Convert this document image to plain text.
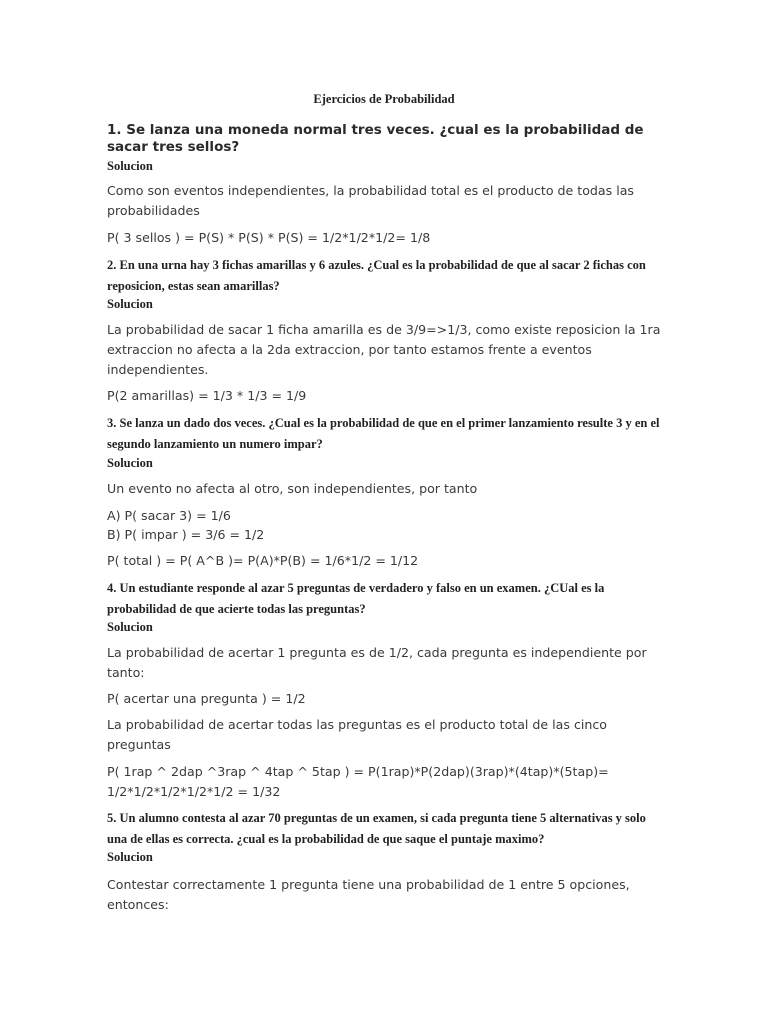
Ejercicios de Probabilidad
1. Se lanza una moneda normal tres veces. ¿cual es la probabilidad de sacar tres sellos?
Solucion
Como son eventos independientes, la probabilidad total es el producto de todas las probabilidades
P( 3 sellos ) = P(S) * P(S) * P(S) = 1/2*1/2*1/2= 1/8
2. En una urna hay 3 fichas amarillas y 6 azules. ¿Cual es la probabilidad de que al sacar 2 fichas con reposicion, estas sean amarillas?
Solucion
La probabilidad de sacar 1 ficha amarilla es de 3/9=>1/3, como existe reposicion la 1ra extraccion no afecta a la 2da extraccion, por tanto estamos frente a eventos independientes.
P(2 amarillas) = 1/3 * 1/3 = 1/9
3. Se lanza un dado dos veces. ¿Cual es la probabilidad de que en el primer lanzamiento resulte 3 y en el segundo lanzamiento un numero impar?
Solucion
Un evento no afecta al otro, son independientes, por tanto
A) P( sacar 3) = 1/6
B) P( impar ) = 3/6 = 1/2
P( total ) = P( A^B )= P(A)*P(B) = 1/6*1/2 = 1/12
4. Un estudiante responde al azar 5 preguntas de verdadero y falso en un examen. ¿CUal es la probabilidad de que acierte todas las preguntas?
Solucion
La probabilidad de acertar 1 pregunta es de 1/2, cada pregunta es independiente por tanto:
P( acertar una pregunta ) = 1/2
La probabilidad de acertar todas las preguntas es el producto total de las cinco preguntas
P( 1rap ^ 2dap ^3rap ^ 4tap ^ 5tap ) = P(1rap)*P(2dap)(3rap)*(4tap)*(5tap)= 1/2*1/2*1/2*1/2*1/2 = 1/32
5. Un alumno contesta al azar 70 preguntas de un examen, si cada pregunta tiene 5 alternativas y solo una de ellas es correcta. ¿cual es la probabilidad de que saque el puntaje maximo?
Solucion
Contestar correctamente 1 pregunta tiene una probabilidad de 1 entre 5 opciones, entonces:
